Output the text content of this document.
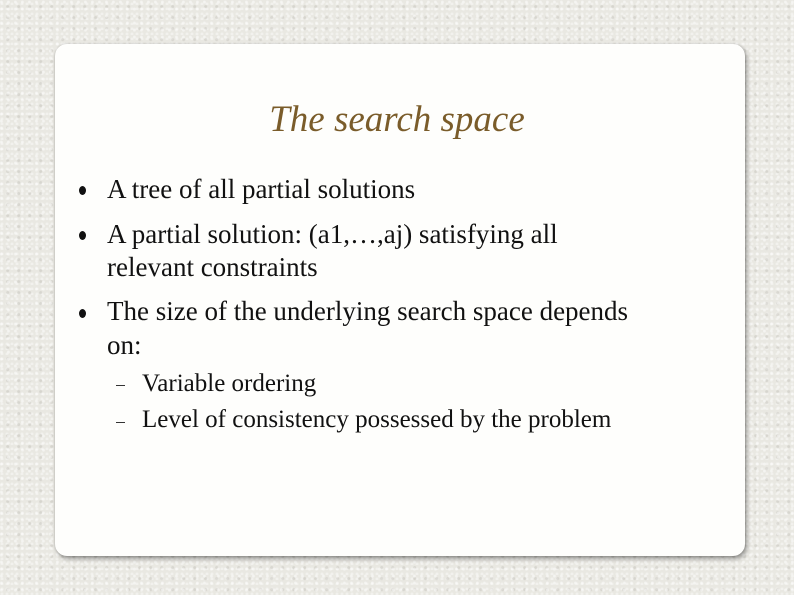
The search space
A tree of all partial solutions
A partial solution: (a1,…,aj) satisfying all
relevant constraints
The size of the underlying search space depends
on:
Variable ordering
Level of consistency possessed by the problem
